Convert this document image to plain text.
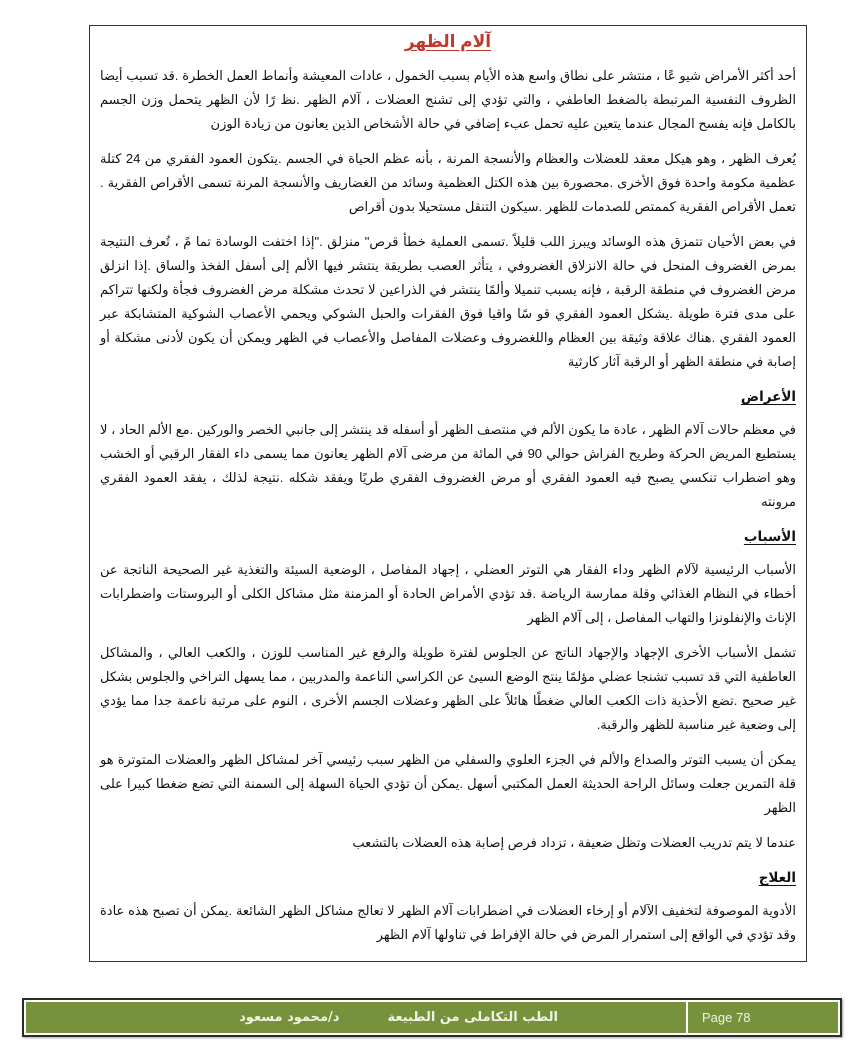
آلام الظهر
أحد أكثر الأمراض شيو عًا ، منتشر على نطاق واسع هذه الأيام بسبب الخمول ، عادات المعيشة وأنماط العمل الخطرة .قد تسبب أيضا الظروف النفسية المرتبطة بالضغط العاطفي ، والتي تؤدي إلى تشنج العضلات ، آلام الظهر .نظ رًا لأن الظهر يتحمل وزن الجسم بالكامل فإنه يفسح المجال عندما يتعين عليه تحمل عبء إضافي في حالة الأشخاص الذين يعانون من زيادة الوزن
يُعرف الظهر ، وهو هيكل معقد للعضلات والعظام والأنسجة المرنة ، بأنه عظم الحياة في الجسم .يتكون العمود الفقري من 24 كتلة عظمية مكومة واحدة فوق الأخرى .محصورة بين هذه الكتل العظمية وسائد من الغضاريف والأنسجة المرنة تسمى الأقراص الفقرية . تعمل الأقراص الفقرية كممتص للصدمات للظهر .سيكون التنقل مستحيلا بدون أقراص
في بعض الأحيان تتمزق هذه الوسائد ويبرز اللب قليلاً .تسمى العملية خطأ قرص" منزلق ."إذا اختفت الوسادة تما مً ، تُعرف النتيجة بمرض الغضروف المنحل في حالة الانزلاق الغضروفي ، يتأثر العصب بطريقة ينتشر فيها الألم إلى أسفل الفخذ والساق .إذا انزلق مرض الغضروف في منطقة الرقبة ، فإنه يسبب تنميلا وألمًا ينتشر في الذراعين لا تحدث مشكلة مرض الغضروف فجأة ولكنها تتراكم على مدى فترة طويلة .يشكل العمود الفقري قو سًا واقيا فوق الفقرات والحبل الشوكي ويحمي الأعصاب الشوكية المتشابكة عبر العمود الفقري .هناك علاقة وثيقة بين العظام واللغضروف وعضلات المفاصل والأعصاب في الظهر ويمكن أن يكون لأدنى مشكلة أو إصابة في منطقة الظهر أو الرقبة آثار كارثية
الأعراض
في معظم حالات آلام الظهر ، عادة ما يكون الألم في منتصف الظهر أو أسفله قد ينتشر إلى جانبي الخصر والوركين .مع الألم الحاد ، لا يستطيع المريض الحركة وطريح الفراش حوالي 90 في المائة من مرضى آلام الظهر يعانون مما يسمى داء الفقار الرقبي أو الخشب وهو اضطراب تنكسي يصبح فيه العمود الفقري أو مرض الغضروف الفقري طريًا ويفقد شكله .نتيجة لذلك ، يفقد العمود الفقري مرونته
الأسباب
الأسباب الرئيسية لآلام الظهر وداء الفقار هي التوتر العضلي ، إجهاد المفاصل ، الوضعية السيئة والتغذية غير الصحيحة الناتجة عن أخطاء في النظام الغذائي وقلة ممارسة الرياضة .قد تؤدي الأمراض الحادة أو المزمنة مثل مشاكل الكلى أو البروستات واضطرابات الإناث والإنفلونزا والتهاب المفاصل ، إلى آلام الظهر
تشمل الأسباب الأخرى الإجهاد والإجهاد الناتج عن الجلوس لفترة طويلة والرفع غير المناسب للوزن ، والكعب العالي ، والمشاكل العاطفية التي قد تسبب تشنجا عضلي مؤلمًا ينتج الوضع السيئ عن الكراسي الناعمة والمدربين ، مما يسهل التراخي والجلوس بشكل غير صحيح .تضع الأحذية ذات الكعب العالي ضغطًا هائلاً على الظهر وعضلات الجسم الأخرى ، النوم على مرتبة ناعمة جدا مما يؤدي إلى وضعية غير مناسبة للظهر والرقبة.
يمكن أن يسبب التوتر والصداع والألم في الجزء العلوي والسفلي من الظهر سبب رئيسي آخر لمشاكل الظهر والعضلات المتوترة هو قلة التمرين جعلت وسائل الراحة الحديثة العمل المكتبي أسهل .يمكن أن تؤدي الحياة السهلة إلى السمنة التي تضع ضغطا كبيرا على الظهر
عندما لا يتم تدريب العضلات وتظل ضعيفة ، تزداد فرص إصابة هذه العضلات بالتشعب
العلاج
الأدوية الموصوفة لتخفيف الآلام أو إرخاء العضلات في اضطرابات آلام الظهر لا تعالج مشاكل الظهر الشائعة .يمكن أن تصبح هذه عادة وقد تؤدي في الواقع إلى استمرار المرض في حالة الإفراط في تناولها آلام الظهر
الطب التكاملى من الطبيعة
د/محمود مسعود	Page 78
